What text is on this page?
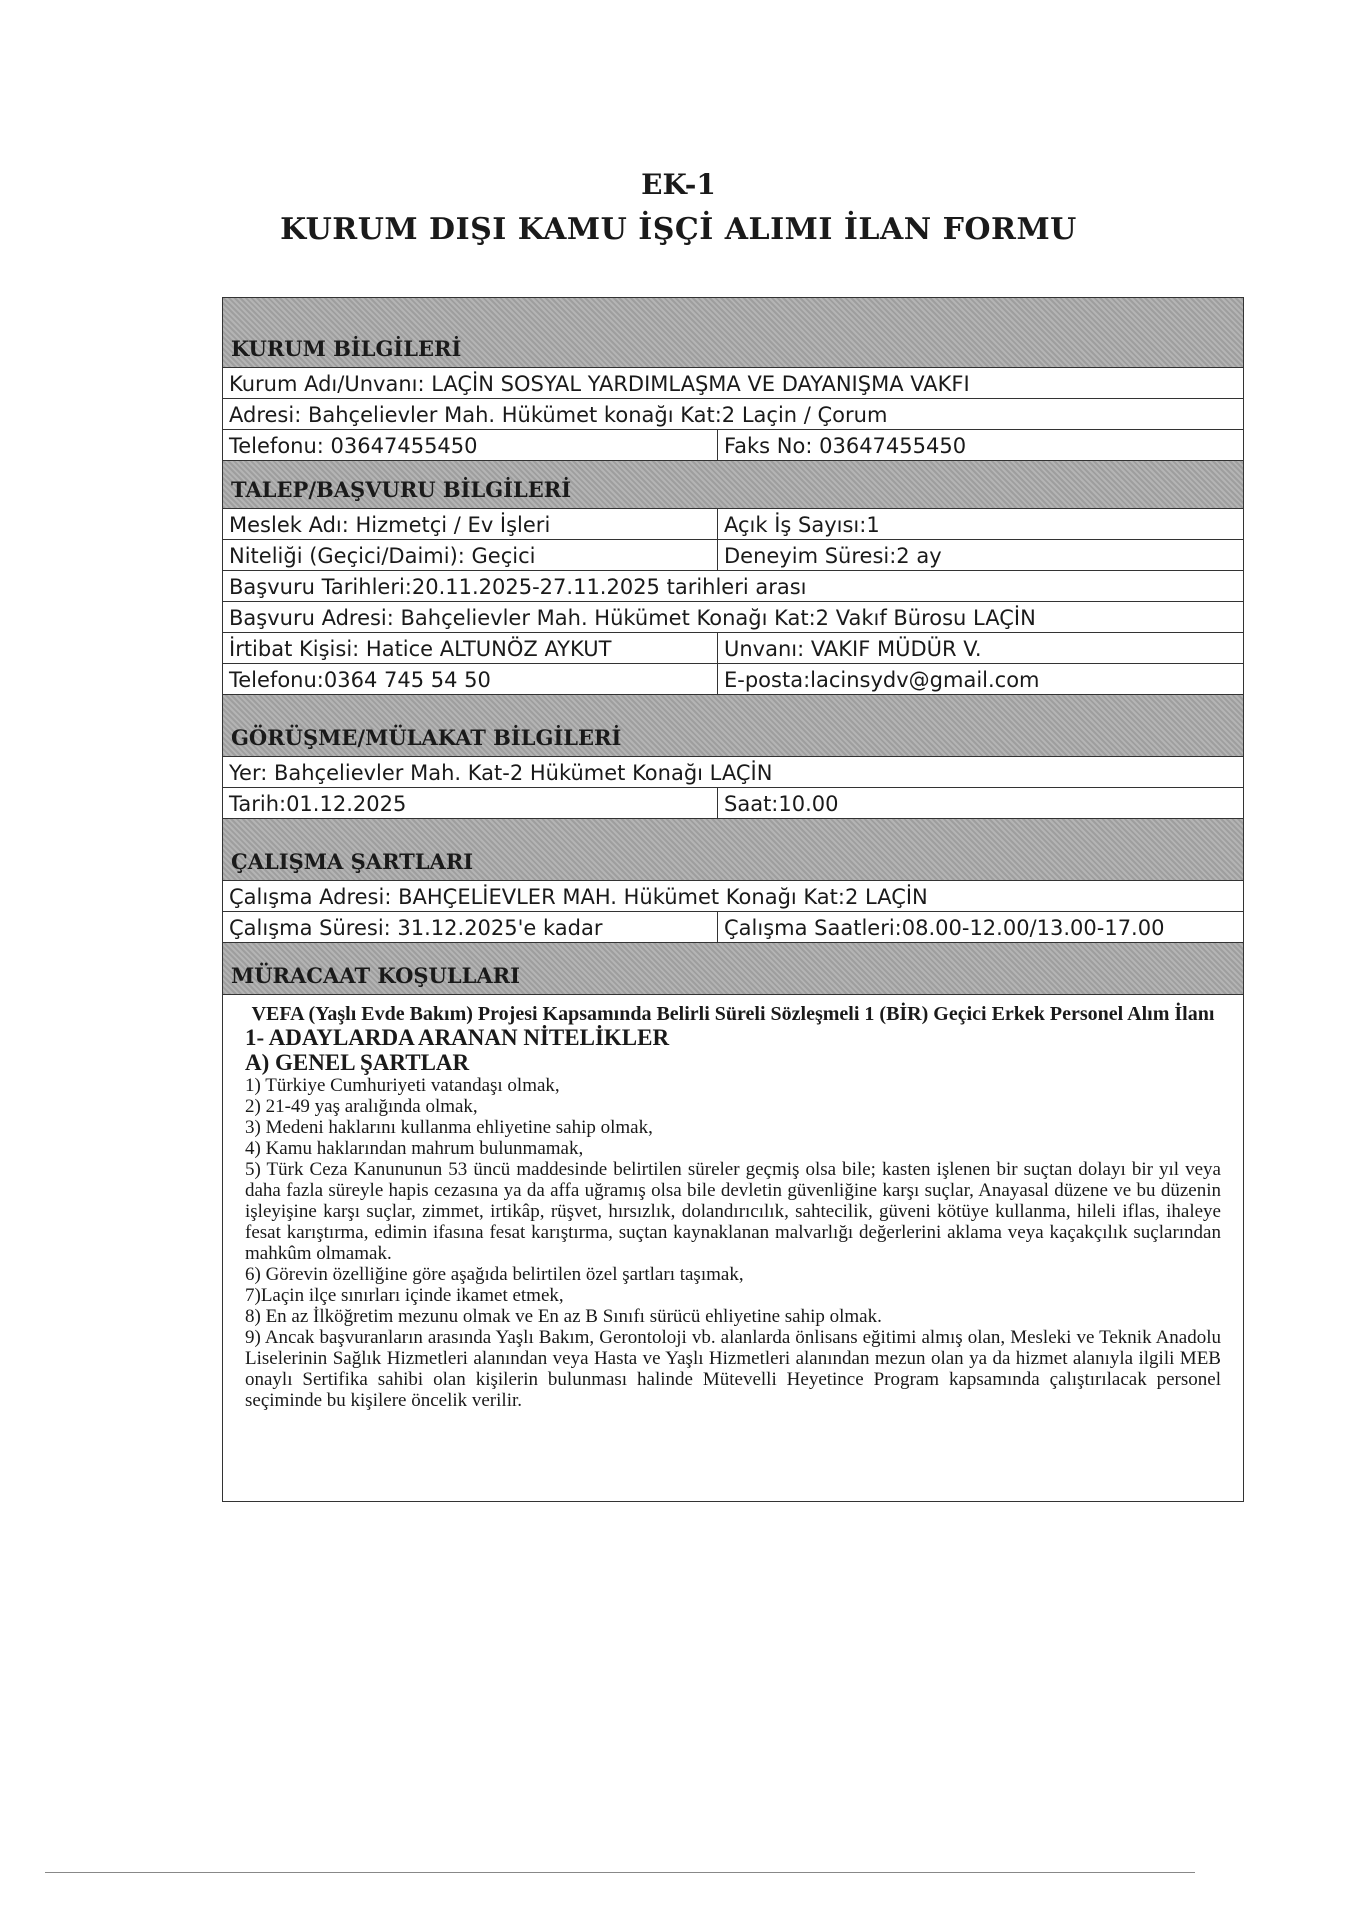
EK-1
KURUM DIŞI KAMU İŞÇİ ALIMI İLAN FORMU
KURUM BİLGİLERİ
Kurum Adı/Unvanı: LAÇİN SOSYAL YARDIMLAŞMA VE DAYANIŞMA VAKFI
Adresi: Bahçelievler Mah. Hükümet konağı Kat:2 Laçin / Çorum
Telefonu: 03647455450	Faks No: 03647455450
TALEP/BAŞVURU BİLGİLERİ
Meslek Adı: Hizmetçi / Ev İşleri	Açık İş Sayısı:1
Niteliği (Geçici/Daimi): Geçici	Deneyim Süresi:2 ay
Başvuru Tarihleri:20.11.2025-27.11.2025 tarihleri arası
Başvuru Adresi: Bahçelievler Mah. Hükümet Konağı Kat:2 Vakıf Bürosu LAÇİN
İrtibat Kişisi: Hatice ALTUNÖZ AYKUT	Unvanı: VAKIF MÜDÜR V.
Telefonu:0364 745 54 50	E-posta:lacinsydv@gmail.com
GÖRÜŞME/MÜLAKAT BİLGİLERİ
Yer: Bahçelievler Mah. Kat-2 Hükümet Konağı LAÇİN
Tarih:01.12.2025	Saat:10.00
ÇALIŞMA ŞARTLARI
Çalışma Adresi: BAHÇELİEVLER MAH. Hükümet Konağı Kat:2 LAÇİN
Çalışma Süresi: 31.12.2025'e kadar	Çalışma Saatleri:08.00-12.00/13.00-17.00
MÜRACAAT KOŞULLARI

VEFA (Yaşlı Evde Bakım) Projesi Kapsamında Belirli Süreli Sözleşmeli 1 (BİR) Geçici Erkek Personel Alım İlanı

1- ADAYLARDA ARANAN NİTELİKLER

A) GENEL ŞARTLAR

1) Türkiye Cumhuriyeti vatandaşı olmak,

2) 21-49 yaş aralığında olmak,

3) Medeni haklarını kullanma ehliyetine sahip olmak,

4) Kamu haklarından mahrum bulunmamak,

5) Türk Ceza Kanununun 53 üncü maddesinde belirtilen süreler geçmiş olsa bile; kasten işlenen bir suçtan dolayı bir yıl veya daha fazla süreyle hapis cezasına ya da affa uğramış olsa bile devletin güvenliğine karşı suçlar, Anayasal düzene ve bu düzenin işleyişine karşı suçlar, zimmet, irtikâp, rüşvet, hırsızlık, dolandırıcılık, sahtecilik, güveni kötüye kullanma, hileli iflas, ihaleye fesat karıştırma, edimin ifasına fesat karıştırma, suçtan kaynaklanan malvarlığı değerlerini aklama veya kaçakçılık suçlarından mahkûm olmamak.

6) Görevin özelliğine göre aşağıda belirtilen özel şartları taşımak,

7)Laçin ilçe sınırları içinde ikamet etmek,

8) En az İlköğretim mezunu olmak ve En az B Sınıfı sürücü ehliyetine sahip olmak.

9) Ancak başvuranların arasında Yaşlı Bakım, Gerontoloji vb. alanlarda önlisans eğitimi almış olan, Mesleki ve Teknik Anadolu Liselerinin Sağlık Hizmetleri alanından veya Hasta ve Yaşlı Hizmetleri alanından mezun olan ya da hizmet alanıyla ilgili MEB onaylı Sertifika sahibi olan kişilerin bulunması halinde Mütevelli Heyetince Program kapsamında çalıştırılacak personel seçiminde bu kişilere öncelik verilir.
